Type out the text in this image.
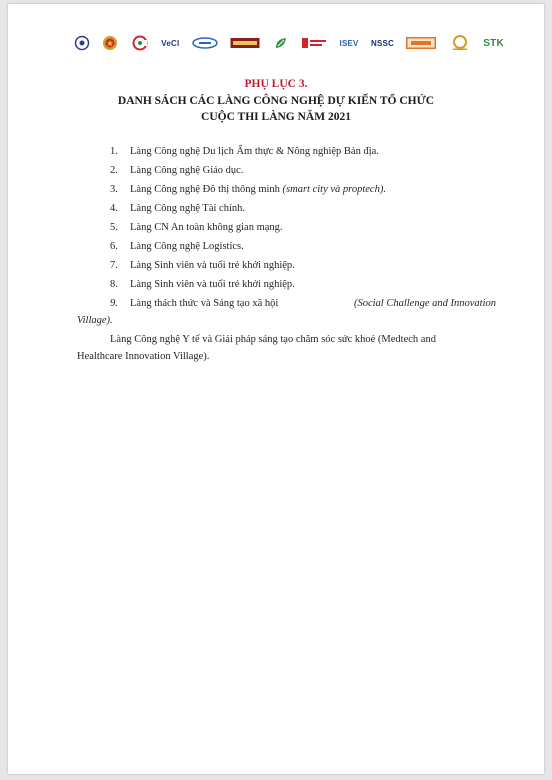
VeCI	ISEV NSSC	STK
PHỤ LỤC 3.
DANH SÁCH CÁC LÀNG CÔNG NGHỆ DỰ KIẾN TỔ CHỨC
CUỘC THI LÀNG NĂM 2021
1. Làng Công nghệ Du lịch Ẩm thực & Nông nghiệp Bản địa.
2. Làng Công nghệ Giáo dục.
3. Làng Công nghệ Đô thị thông minh (smart city và proptech).
4. Làng Công nghệ Tài chính.
5. Làng CN An toàn không gian mạng.
6. Làng Công nghệ Logistics.
7. Làng Sinh viên và tuổi trẻ khởi nghiệp.
8. Làng Sinh viên và tuổi trẻ khởi nghiệp.
9. Làng thách thức và Sáng tạo xã hội	(Social Challenge and Innovation
Village).
Làng Công nghệ Y tế và Giải pháp sáng tạo chăm sóc sức khoẻ (Medtech and
Healthcare Innovation Village).
